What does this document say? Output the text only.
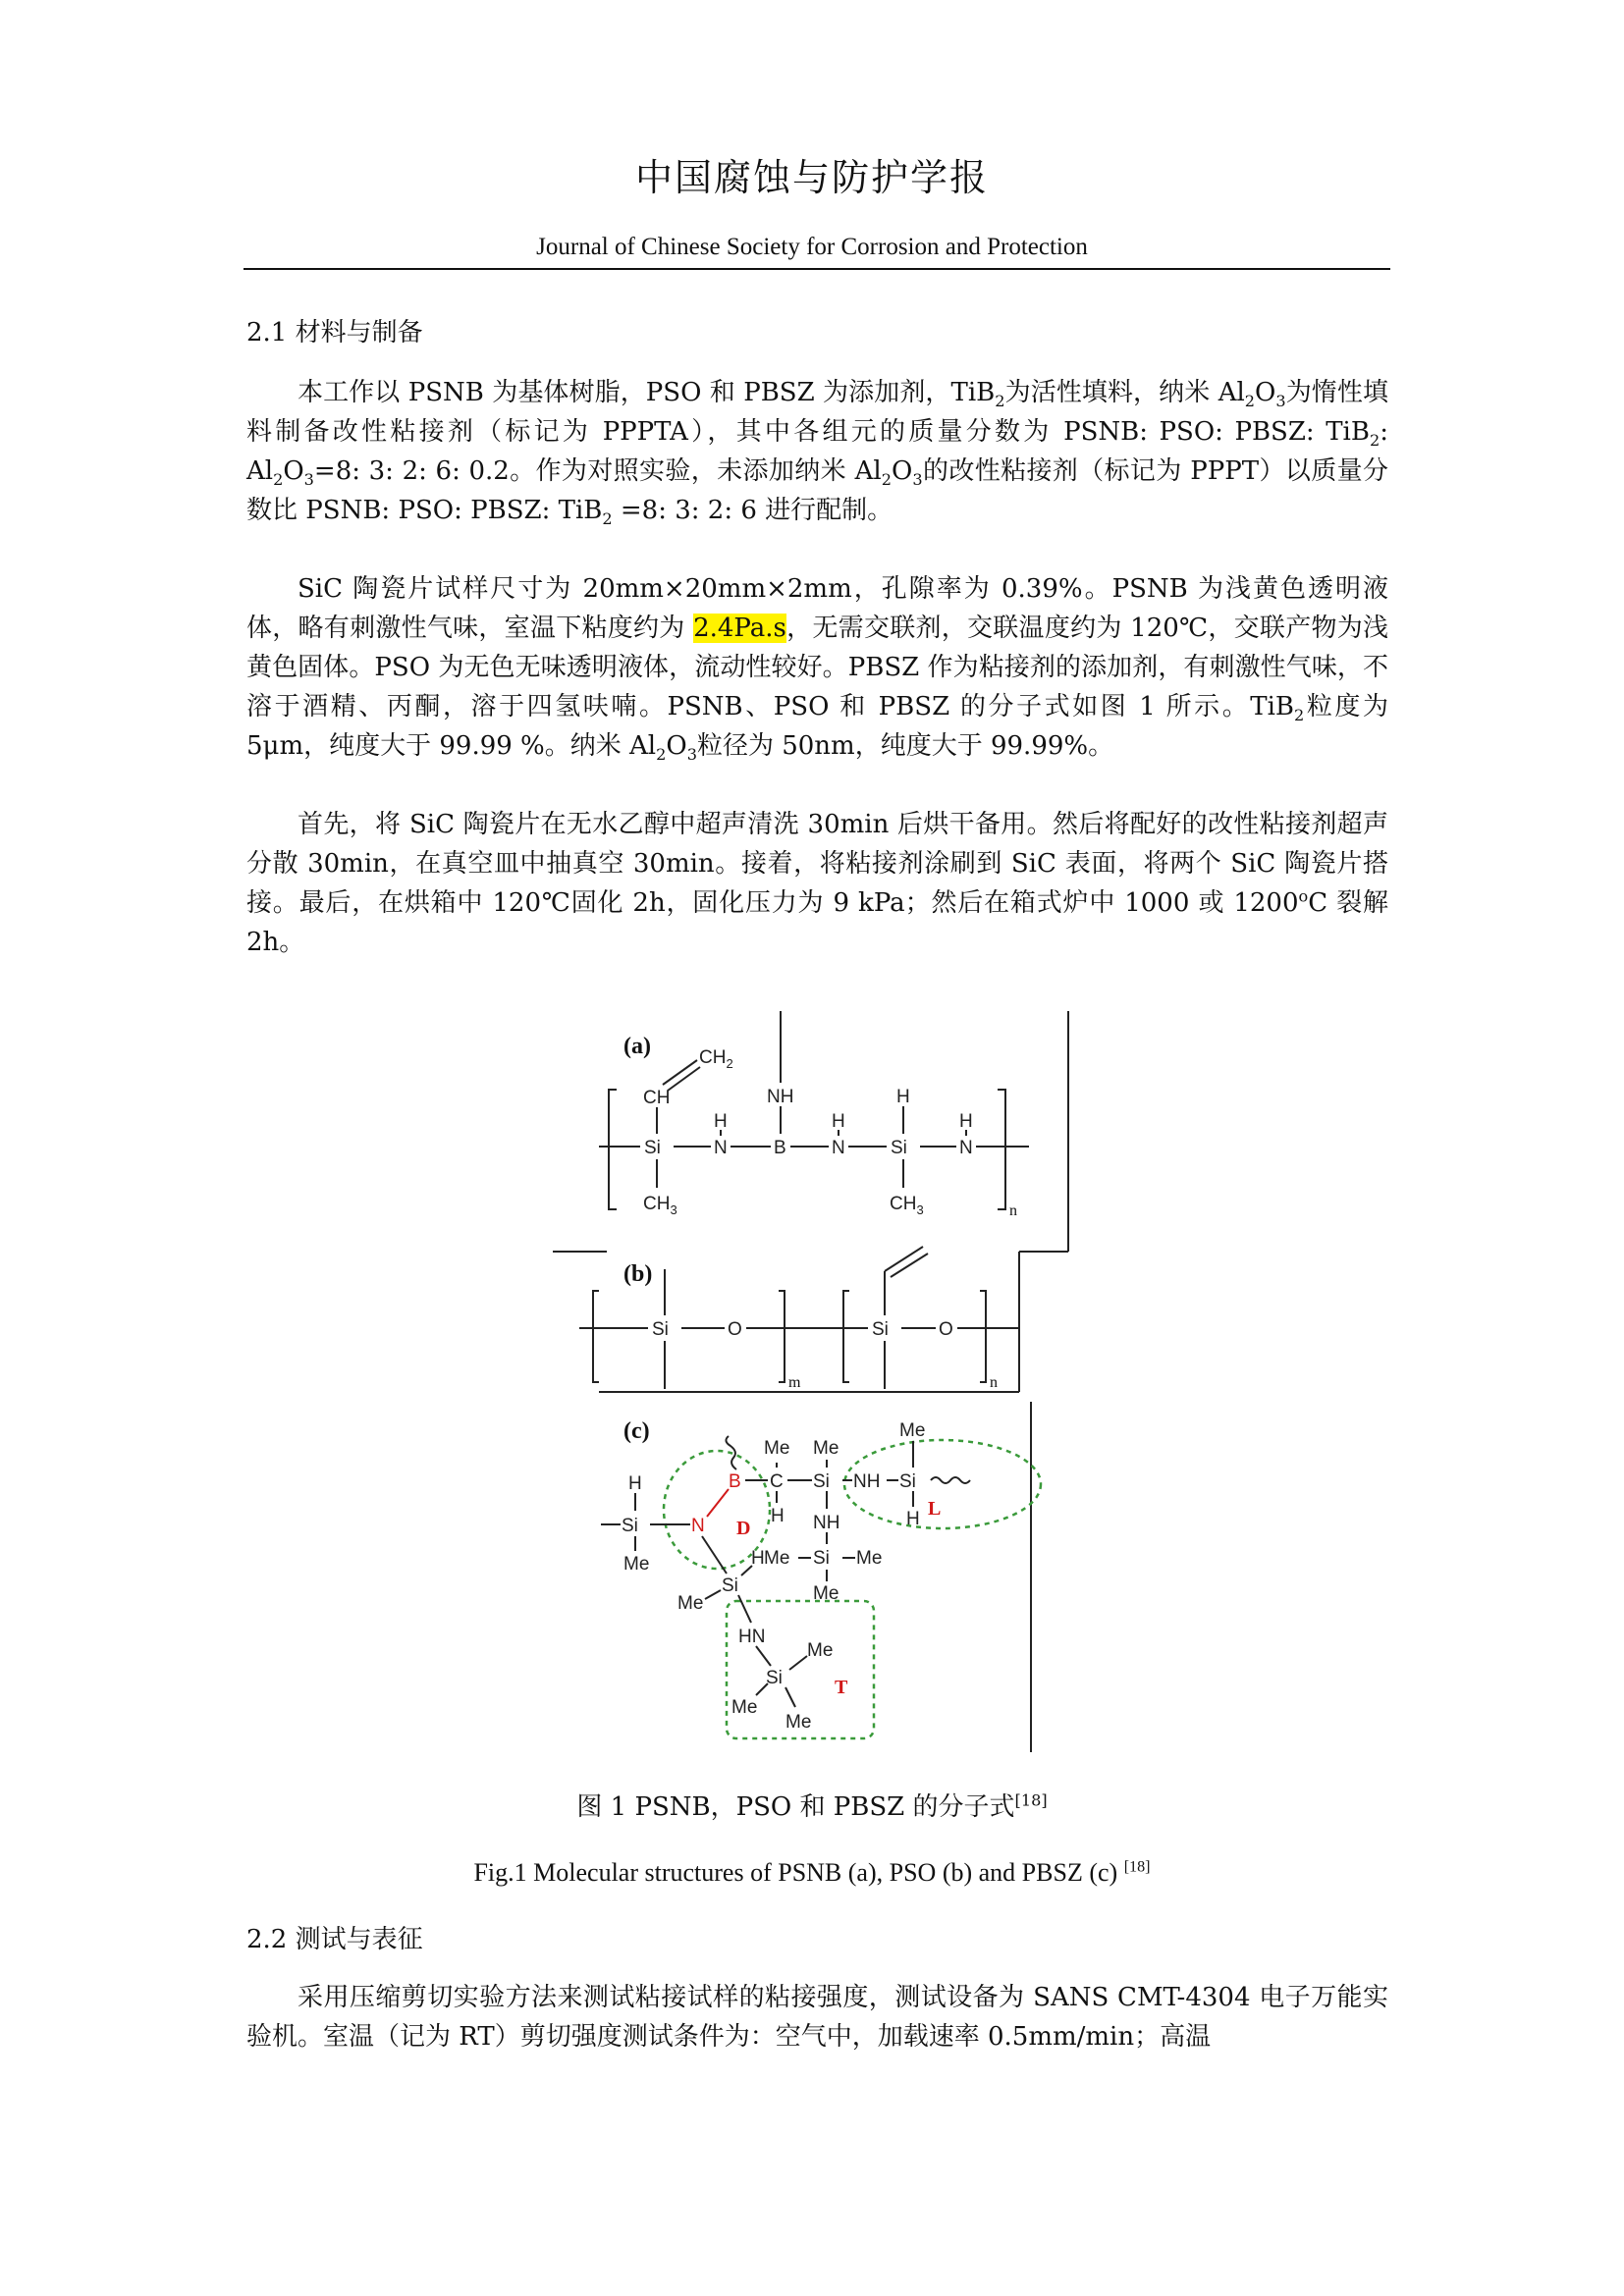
中国腐蚀与防护学报
Journal of Chinese Society for Corrosion and Protection
2.1 材料与制备
本工作以 PSNB 为基体树脂，PSO 和 PBSZ 为添加剂，TiB$_2$为活性填料，纳米 $Al_2O_3$为惰性填料制备改性粘接剂（标记为 PPPTA），其中各组元的质量分数为 PSNB: PSO: PBSZ: TiB$_2$: $Al_2O_3=8$: 3: 2: 6: 0.2。作为对照实验，未添加纳米 $Al_2O_3$的改性粘接剂（标记为 PPPT）以质量分数比 PSNB: PSO: PBSZ: TiB$_2$ =8: 3: 2: 6 进行配制。
SiC 陶瓷片试样尺寸为 20mm×20mm×2mm，孔隙率为 0.39%。PSNB 为浅黄色透明液体，略有刺激性气味，室温下粘度约为 2.4Pa.s，无需交联剂，交联温度约为 120℃，交联产物为浅黄色固体。PSO 为无色无味透明液体，流动性较好。PBSZ 作为粘接剂的添加剂，有刺激性气味，不溶于酒精、丙酮，溶于四氢呋喃。PSNB、PSO 和 PBSZ 的分子式如图 1 所示。TiB$_2$粒度为 5μm，纯度大于 99.99 %。纳米 $Al_2O_3$粒径为 50nm，纯度大于 99.99%。
首先，将 SiC 陶瓷片在无水乙醇中超声清洗 30min 后烘干备用。然后将配好的改性粘接剂超声分散 30min，在真空皿中抽真空 30min。接着，将粘接剂涂刷到 SiC 表面，将两个 SiC 陶瓷片搭接。最后，在烘箱中 120℃固化 2h，固化压力为 9 kPa；然后在箱式炉中 1000 或 1200$^o$C 裂解 2h。
(a)
Si	N
H
B N
H
Si	N
H
CH
$CH_2$
$CH_3$
NH	H
$CH_3$	n
(b)
Si	O
m
Si	O
n
(c)
H
Si
Me
N
B C
Me
H
Si
Me
NH Si
Me
H
NH
Si
Me	Me
Me
Si
H
Me
HN
Si
Me
Me
Me
D
L
T
图 1 PSNB，PSO 和 PBSZ 的分子式[18]
Fig.1 Molecular structures of PSNB (a), PSO (b) and PBSZ (c) [18]
2.2 测试与表征
采用压缩剪切实验方法来测试粘接试样的粘接强度，测试设备为 SANS CMT-4304 电子万能实验机。室温（记为 RT）剪切强度测试条件为：空气中，加载速率 0.5mm/min；高温
